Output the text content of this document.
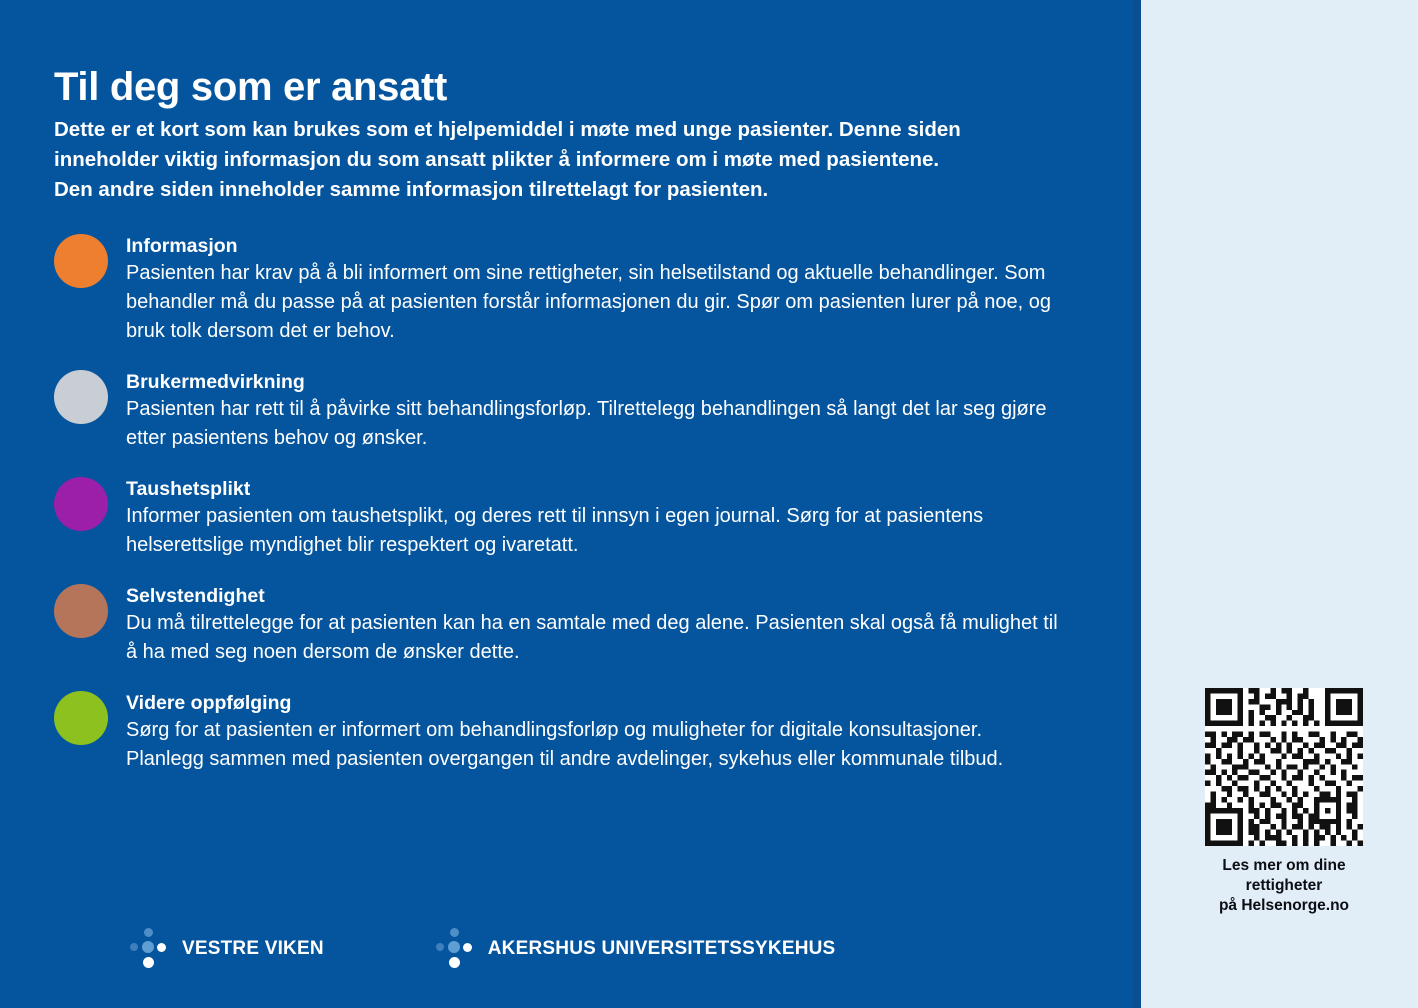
Til deg som er ansatt

Dette er et kort som kan brukes som et hjelpemiddel i møte med unge pasienter. Denne siden

inneholder viktig informasjon du som ansatt plikter å informere om i møte med pasientene.

Den andre siden inneholder samme informasjon tilrettelagt for pasienten.

Informasjon
Pasienten har krav på å bli informert om sine rettigheter, sin helsetilstand og aktuelle behandlinger. Som behandler må du passe på at pasienten forstår informasjonen du gir. Spør om pasienten lurer på noe, og bruk tolk dersom det er behov.
Brukermedvirkning
Pasienten har rett til å påvirke sitt behandlingsforløp. Tilrettelegg behandlingen så langt det lar seg gjøre etter pasientens behov og ønsker.
Taushetsplikt
Informer pasienten om taushetsplikt, og deres rett til innsyn i egen journal. Sørg for at pasientens helserettslige myndighet blir respektert og ivaretatt.
Selvstendighet
Du må tilrettelegge for at pasienten kan ha en samtale med deg alene. Pasienten skal også få mulighet til å ha med seg noen dersom de ønsker dette.
Videre oppfølging
Sørg for at pasienten er informert om behandlingsforløp og muligheter for digitale konsultasjoner. Planlegg sammen med pasienten overgangen til andre avdelinger, sykehus eller kommunale tilbud.
VESTRE VIKEN	AKERSHUS UNIVERSITETSSYKEHUS
Les mer om dine
rettigheter
på Helsenorge.no
